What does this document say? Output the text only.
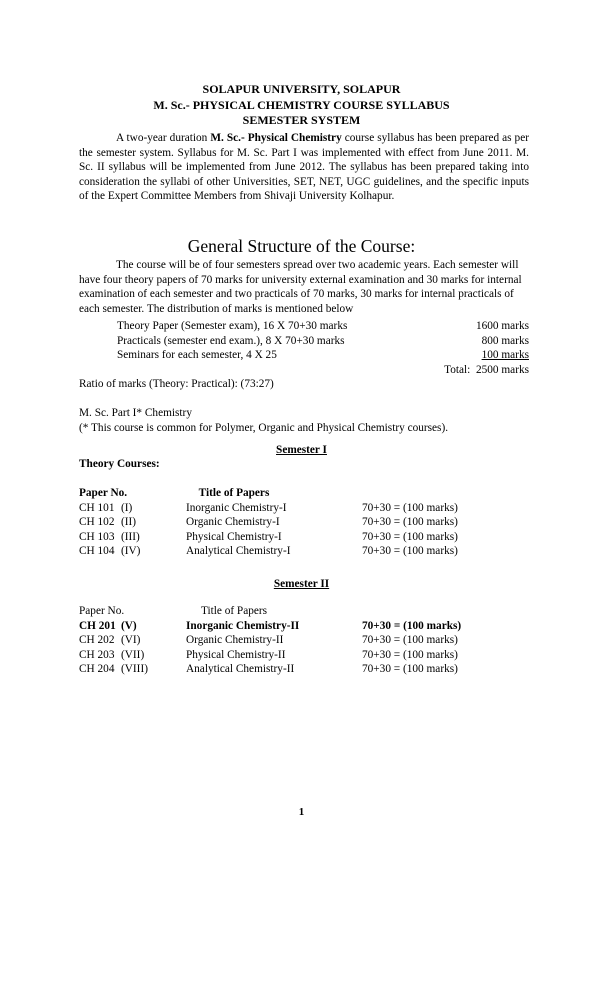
SOLAPUR UNIVERSITY, SOLAPUR
M. Sc.- PHYSICAL CHEMISTRY COURSE SYLLABUS
SEMESTER SYSTEM
A two-year duration M. Sc.- Physical Chemistry course syllabus has been prepared as per the semester system. Syllabus for M. Sc. Part I was implemented with effect from June 2011. M. Sc. II syllabus will be implemented from June 2012. The syllabus has been prepared taking into consideration the syllabi of other Universities, SET, NET, UGC guidelines, and the specific inputs of the Expert Committee Members from Shivaji University Kolhapur.
General Structure of the Course:
The course will be of four semesters spread over two academic years. Each semester will have four theory papers of 70 marks for university external examination and 30 marks for internal examination of each semester and two practicals of 70 marks, 30 marks for internal practicals of each semester. The distribution of marks is mentioned below
Theory Paper (Semester exam), 16 X 70+30 marks	1600 marks
Practicals (semester end exam.), 8 X 70+30 marks	800 marks
Seminars for each semester, 4 X 25	100 marks
Total: 2500 marks
Ratio of marks (Theory: Practical): (73:27)
M. Sc. Part I* Chemistry
(* This course is common for Polymer, Organic and Physical Chemistry courses).
Semester I
Theory Courses:
Paper No.	Title of Papers
CH 101 (I)	Inorganic Chemistry-I	70+30 = (100 marks)
CH 102 (II)	Organic Chemistry-I	70+30 = (100 marks)
CH 103 (III)	Physical Chemistry-I	70+30 = (100 marks)
CH 104 (IV)	Analytical Chemistry-I	70+30 = (100 marks)
Semester II
Paper No.	Title of Papers
CH 201 (V)	Inorganic Chemistry-II	70+30 = (100 marks)
CH 202 (VI)	Organic Chemistry-II	70+30 = (100 marks)
CH 203 (VII)	Physical Chemistry-II	70+30 = (100 marks)
CH 204 (VIII)	Analytical Chemistry-II	70+30 = (100 marks)
1
